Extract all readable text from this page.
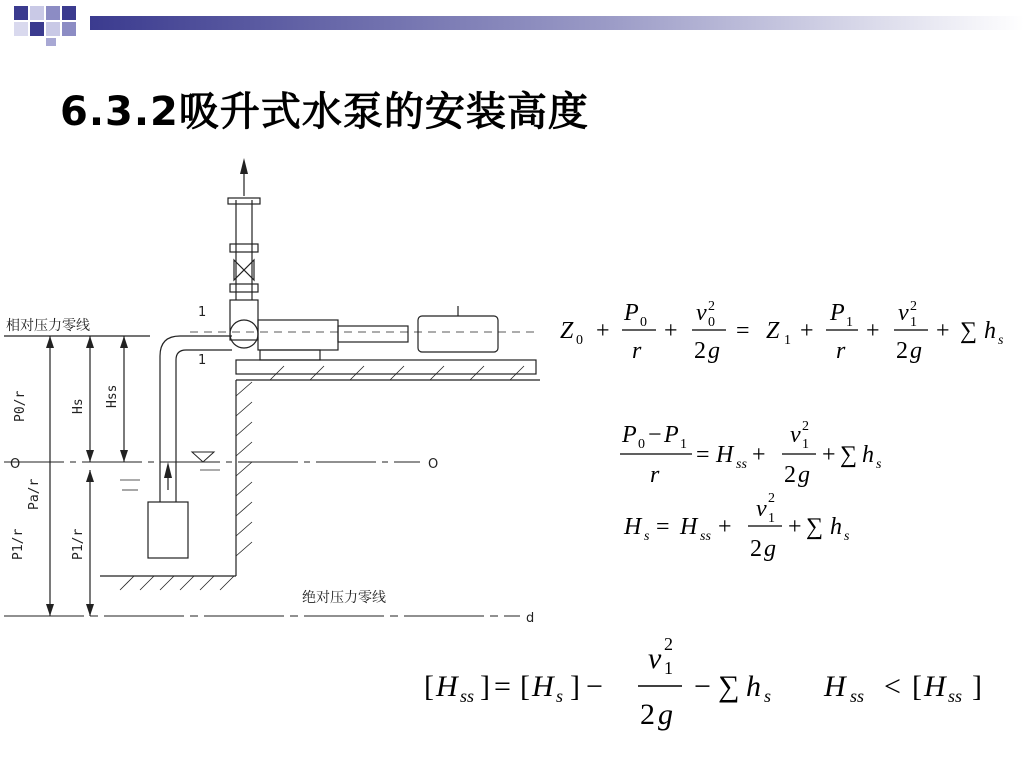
6.3.2吸升式水泵的安装高度
相对压力零线
P0/r	Hs Hss
O	O
Pa/r
P1/r	P1/r
绝对压力零线
d
1
1
Z 0 +
P 0
r
+
v 2
0
2 g
= Z 1 +
P 1
r
+
v 2
1
2 g
+ ∑ h s
P 0 − P 1
r
= H ss +
v 2
1
2 g
+ ∑ h s
H s = H ss +
v 2
1
2 g
+ ∑ h s
[ H ss ] = [ H s ] −
v 2
1
2 g
− ∑ h s H ss < [ H ss ]
